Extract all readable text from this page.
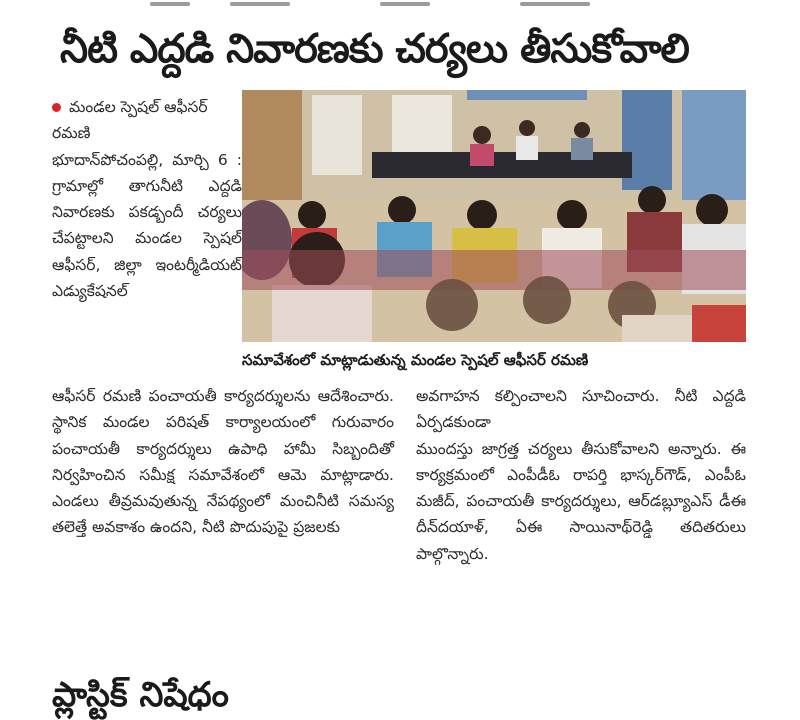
నీటి ఎద్దడి నివారణకు చర్యలు తీసుకోవాలి

మండల స్పెషల్ ఆఫీసర్ రమణి

భూదాన్‌పోచంపల్లి, మార్చి 6 : గ్రామాల్లో తాగునీటి ఎద్దడి నివారణకు పకడ్బందీ చర్యలు చేపట్టాలని మండల స్పెషల్ ఆఫీసర్, జిల్లా ఇంటర్మీడియట్ ఎడ్యుకేషనల్

సమావేశంలో మాట్లాడుతున్న మండల స్పెషల్ ఆఫీసర్ రమణి

ఆఫీసర్ రమణి పంచాయతీ కార్యదర్శులను ఆదేశించారు. స్థానిక మండల పరిషత్ కార్యాలయంలో గురువారం పంచాయతీ కార్యదర్శులు ఉపాధి హామీ సిబ్బందితో నిర్వహించిన సమీక్ష సమావేశంలో ఆమె మాట్లాడారు. ఎండలు తీవ్రమవుతున్న నేపథ్యంలో మంచినీటి సమస్య తలెత్తే అవకాశం ఉందని, నీటి పొదుపుపై ప్రజలకు

అవగాహన కల్పించాలని సూచించారు. నీటి ఎద్దడి ఏర్పడకుండా

ముందస్తు జాగ్రత్త చర్యలు తీసుకోవాలని అన్నారు. ఈ కార్యక్రమంలో ఎంపీడీఓ రాపర్తి భాస్కర్‌గౌడ్, ఎంపీఓ మజీద్, పంచాయతీ కార్యదర్శులు, ఆర్‌డబ్ల్యూఎస్ డీఈ దీన్‌దయాళ్, ఏఈ సాయినాథ్‌రెడ్డి తదితరులు పాల్గొన్నారు.

ప్లాస్టిక్ నిషేధం
